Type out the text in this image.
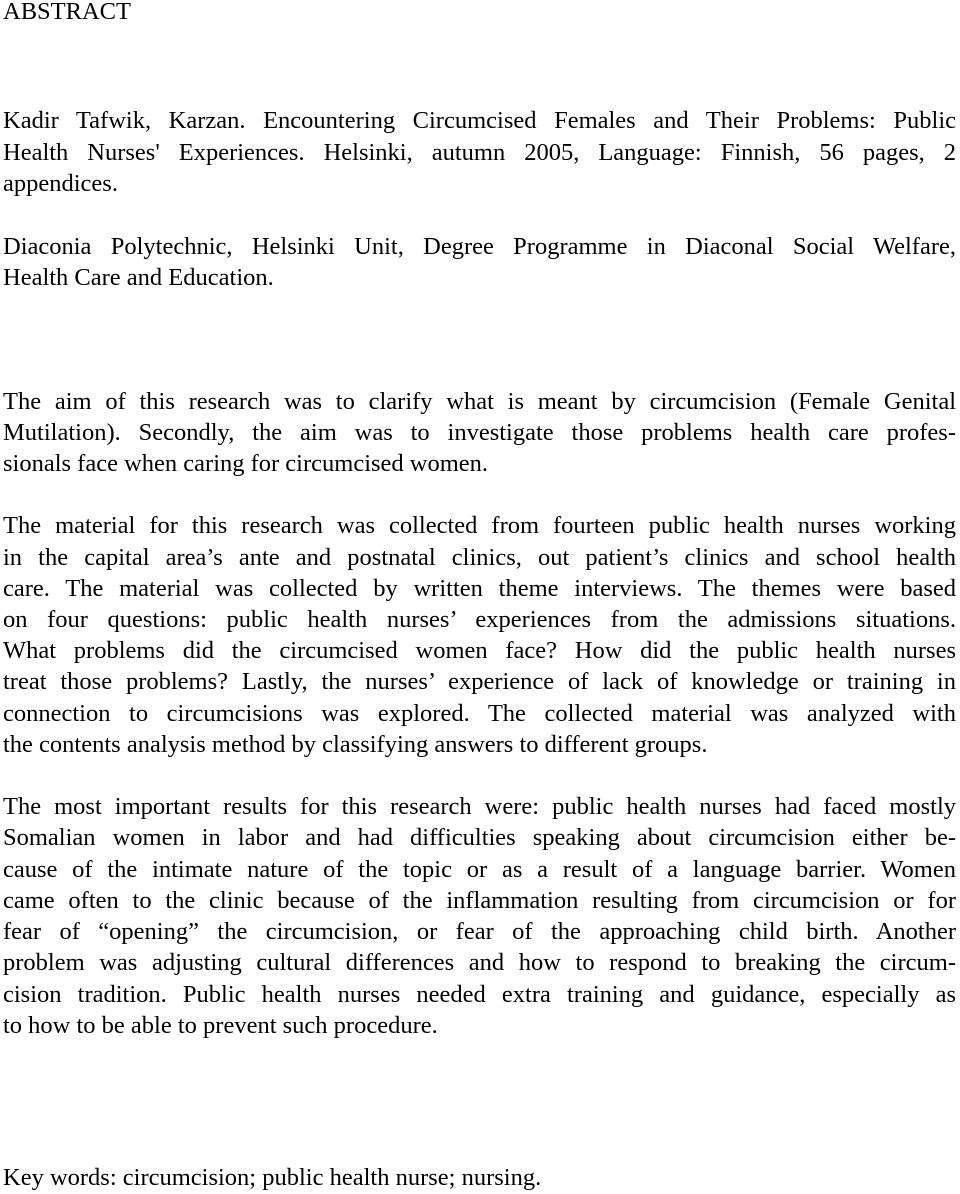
ABSTRACT
Kadir Tafwik, Karzan. Encountering Circumcised Females and Their Problems: Public
Health Nurses' Experiences. Helsinki, autumn 2005, Language: Finnish, 56 pages, 2
appendices.
Diaconia Polytechnic, Helsinki Unit, Degree Programme in Diaconal Social Welfare,
Health Care and Education.
The aim of this research was to clarify what is meant by circumcision (Female Genital
Mutilation). Secondly, the aim was to investigate those problems health care profes-
sionals face when caring for circumcised women.
The material for this research was collected from fourteen public health nurses working
in the capital area’s ante and postnatal clinics, out patient’s clinics and school health
care. The material was collected by written theme interviews. The themes were based
on four questions: public health nurses’ experiences from the admissions situations.
What problems did the circumcised women face? How did the public health nurses
treat those problems? Lastly, the nurses’ experience of lack of knowledge or training in
connection to circumcisions was explored. The collected material was analyzed with
the contents analysis method by classifying answers to different groups.
The most important results for this research were: public health nurses had faced mostly
Somalian women in labor and had difficulties speaking about circumcision either be-
cause of the intimate nature of the topic or as a result of a language barrier. Women
came often to the clinic because of the inflammation resulting from circumcision or for
fear of “opening” the circumcision, or fear of the approaching child birth. Another
problem was adjusting cultural differences and how to respond to breaking the circum-
cision tradition. Public health nurses needed extra training and guidance, especially as
to how to be able to prevent such procedure.
Key words: circumcision; public health nurse; nursing.
